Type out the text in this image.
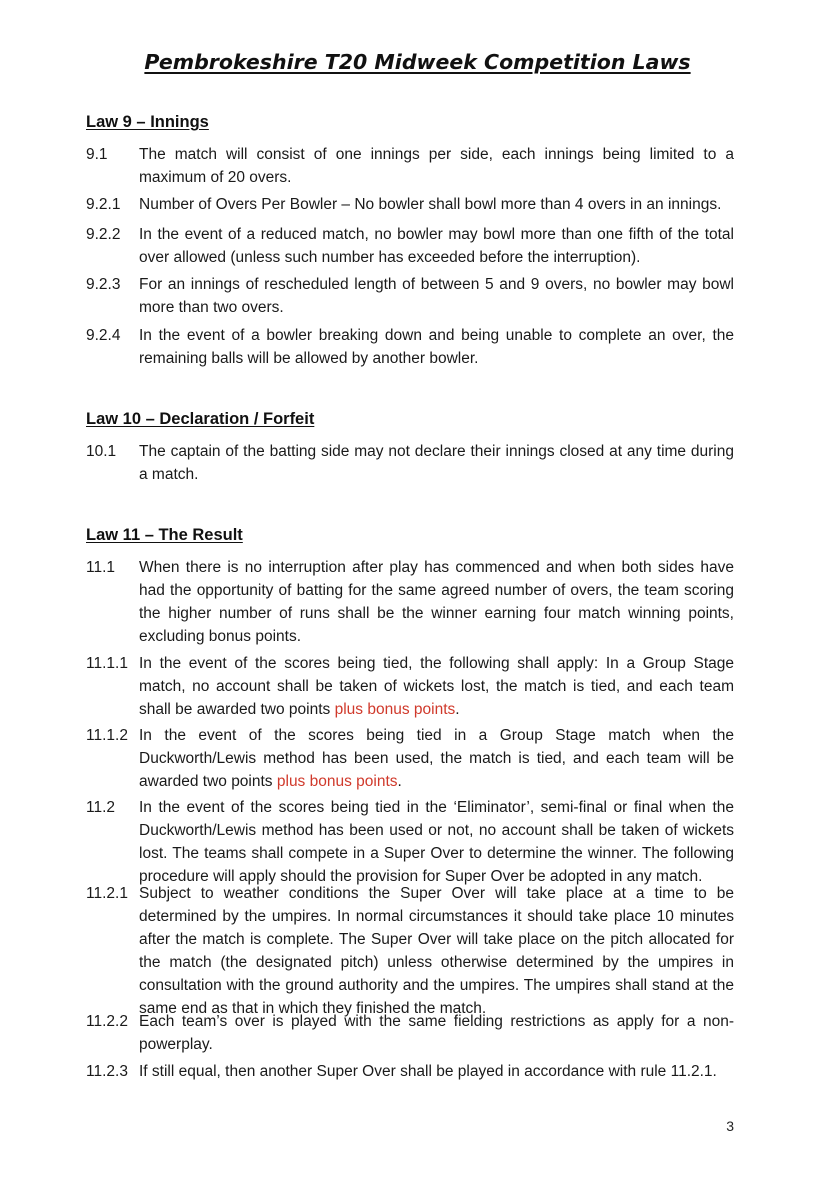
Pembrokeshire T20 Midweek Competition Laws
Law 9 – Innings
9.1	The match will consist of one innings per side, each innings being limited to a maximum of 20 overs.
9.2.1	Number of Overs Per Bowler – No bowler shall bowl more than 4 overs in an innings.
9.2.2	In the event of a reduced match, no bowler may bowl more than one fifth of the total over allowed (unless such number has exceeded before the interruption).
9.2.3	For an innings of rescheduled length of between 5 and 9 overs, no bowler may bowl more than two overs.
9.2.4	In the event of a bowler breaking down and being unable to complete an over, the remaining balls will be allowed by another bowler.
Law 10 – Declaration / Forfeit
10.1	The captain of the batting side may not declare their innings closed at any time during a match.
Law 11 – The Result
11.1	When there is no interruption after play has commenced and when both sides have had the opportunity of batting for the same agreed number of overs, the team scoring the higher number of runs shall be the winner earning four match winning points, excluding bonus points.
11.1.1 In the event of the scores being tied, the following shall apply: In a Group Stage match, no account shall be taken of wickets lost, the match is tied, and each team shall be awarded two points plus bonus points.
11.1.2 In the event of the scores being tied in a Group Stage match when the Duckworth/Lewis method has been used, the match is tied, and each team will be awarded two points plus bonus points.
11.2	In the event of the scores being tied in the ‘Eliminator’, semi-final or final when the Duckworth/Lewis method has been used or not, no account shall be taken of wickets lost. The teams shall compete in a Super Over to determine the winner. The following procedure will apply should the provision for Super Over be adopted in any match.
11.2.1 Subject to weather conditions the Super Over will take place at a time to be determined by the umpires. In normal circumstances it should take place 10 minutes after the match is complete. The Super Over will take place on the pitch allocated for the match (the designated pitch) unless otherwise determined by the umpires in consultation with the ground authority and the umpires. The umpires shall stand at the same end as that in which they finished the match.
11.2.2 Each team’s over is played with the same fielding restrictions as apply for a non-powerplay.
11.2.3 If still equal, then another Super Over shall be played in accordance with rule 11.2.1.
3
